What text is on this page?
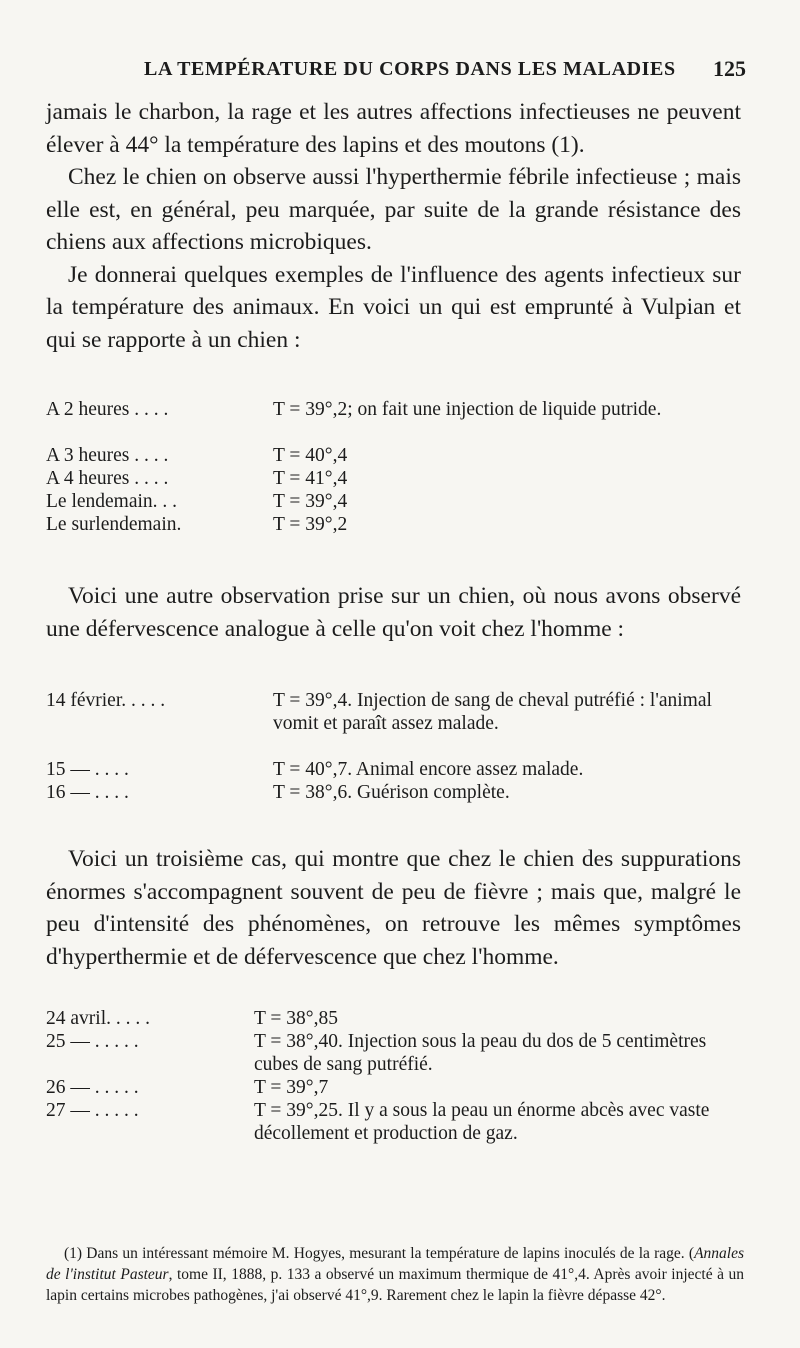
LA TEMPÉRATURE DU CORPS DANS LES MALADIES 125

jamais le charbon, la rage et les autres affections infectieuses ne peuvent élever à 44° la température des lapins et des moutons (1).

Chez le chien on observe aussi l'hyperthermie fébrile infectieuse ; mais elle est, en général, peu marquée, par suite de la grande résistance des chiens aux affections microbiques.

Je donnerai quelques exemples de l'influence des agents infectieux sur la température des animaux. En voici un qui est emprunté à Vulpian et qui se rapporte à un chien :

A 2 heures . . . .	T = 39°,2; on fait une injection de liquide putride.
A 3 heures . . . .	T = 40°,4
A 4 heures . . . .	T = 41°,4
Le lendemain. . .	T = 39°,4
Le surlendemain.	T = 39°,2

Voici une autre observation prise sur un chien, où nous avons observé une défervescence analogue à celle qu'on voit chez l'homme :

14 février. . . . .	T = 39°,4. Injection de sang de cheval putréfié : l'animal vomit et paraît assez malade.
15 — . . . .	T = 40°,7. Animal encore assez malade.
16 — . . . .	T = 38°,6. Guérison complète.

Voici un troisième cas, qui montre que chez le chien des suppurations énormes s'accompagnent souvent de peu de fièvre ; mais que, malgré le peu d'intensité des phénomènes, on retrouve les mêmes symptômes d'hyperthermie et de défervescence que chez l'homme.

24 avril. . . . .	T = 38°,85
25 — . . . . .	T = 38°,40. Injection sous la peau du dos de 5 centimètres cubes de sang putréfié.
26 — . . . . .	T = 39°,7
27 — . . . . .	T = 39°,25. Il y a sous la peau un énorme abcès avec vaste décollement et production de gaz.

(1) Dans un intéressant mémoire M. Hogyes, mesurant la température de lapins inoculés de la rage. (Annales de l'institut Pasteur, tome II, 1888, p. 133 a observé un maximum thermique de 41°,4. Après avoir injecté à un lapin certains microbes pathogènes, j'ai observé 41°,9. Rarement chez le lapin la fièvre dépasse 42°.
